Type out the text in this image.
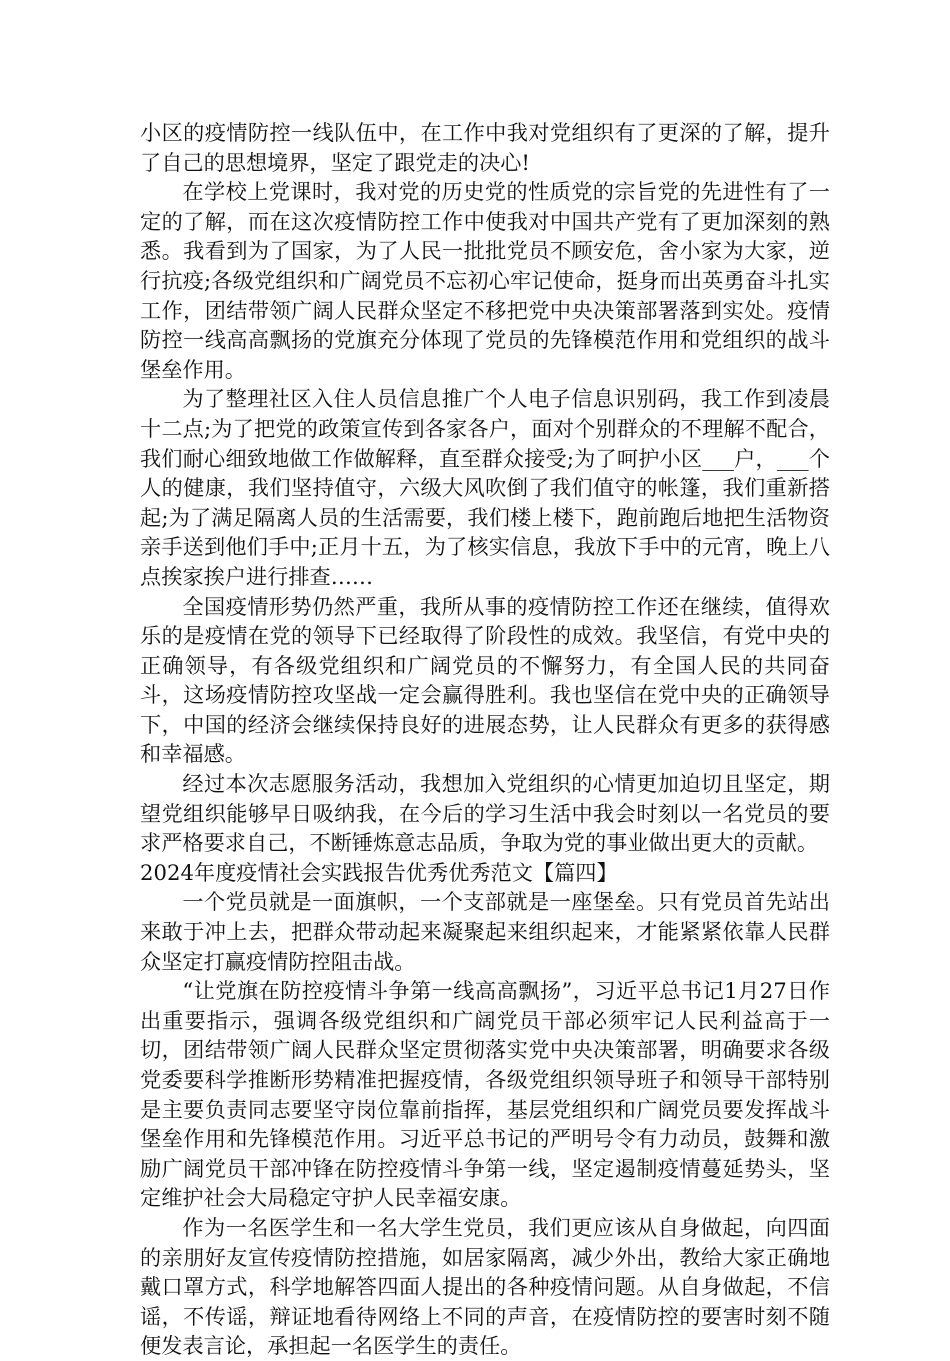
小区的疫情防控一线队伍中，在工作中我对党组织有了更深的了解，提升了自己的思想境界，坚定了跟党走的决心!

在学校上党课时，我对党的历史党的性质党的宗旨党的先进性有了一定的了解，而在这次疫情防控工作中使我对中国共产党有了更加深刻的熟悉。我看到为了国家，为了人民一批批党员不顾安危，舍小家为大家，逆行抗疫;各级党组织和广阔党员不忘初心牢记使命，挺身而出英勇奋斗扎实工作，团结带领广阔人民群众坚定不移把党中央决策部署落到实处。疫情防控一线高高飘扬的党旗充分体现了党员的先锋模范作用和党组织的战斗堡垒作用。

为了整理社区入住人员信息推广个人电子信息识别码，我工作到凌晨十二点;为了把党的政策宣传到各家各户，面对个别群众的不理解不配合，我们耐心细致地做工作做解释，直至群众接受;为了呵护小区___户，___个人的健康，我们坚持值守，六级大风吹倒了我们值守的帐篷，我们重新搭起;为了满足隔离人员的生活需要，我们楼上楼下，跑前跑后地把生活物资亲手送到他们手中;正月十五，为了核实信息，我放下手中的元宵，晚上八点挨家挨户进行排查……

全国疫情形势仍然严重，我所从事的疫情防控工作还在继续，值得欢乐的是疫情在党的领导下已经取得了阶段性的成效。我坚信，有党中央的正确领导，有各级党组织和广阔党员的不懈努力，有全国人民的共同奋斗，这场疫情防控攻坚战一定会赢得胜利。我也坚信在党中央的正确领导下，中国的经济会继续保持良好的进展态势，让人民群众有更多的获得感和幸福感。

经过本次志愿服务活动，我想加入党组织的心情更加迫切且坚定，期望党组织能够早日吸纳我，在今后的学习生活中我会时刻以一名党员的要求严格要求自己，不断锤炼意志品质，争取为党的事业做出更大的贡献。

2024年度疫情社会实践报告优秀优秀范文【篇四】

一个党员就是一面旗帜，一个支部就是一座堡垒。只有党员首先站出来敢于冲上去，把群众带动起来凝聚起来组织起来，才能紧紧依靠人民群众坚定打赢疫情防控阻击战。

“让党旗在防控疫情斗争第一线高高飘扬”，习近平总书记1月27日作出重要指示，强调各级党组织和广阔党员干部必须牢记人民利益高于一切，团结带领广阔人民群众坚定贯彻落实党中央决策部署，明确要求各级党委要科学推断形势精准把握疫情，各级党组织领导班子和领导干部特别是主要负责同志要坚守岗位靠前指挥，基层党组织和广阔党员要发挥战斗堡垒作用和先锋模范作用。习近平总书记的严明号令有力动员，鼓舞和激励广阔党员干部冲锋在防控疫情斗争第一线，坚定遏制疫情蔓延势头，坚定维护社会大局稳定守护人民幸福安康。

作为一名医学生和一名大学生党员，我们更应该从自身做起，向四面的亲朋好友宣传疫情防控措施，如居家隔离，减少外出，教给大家正确地戴口罩方式，科学地解答四面人提出的各种疫情问题。从自身做起，不信谣，不传谣，辩证地看待网络上不同的声音，在疫情防控的要害时刻不随便发表言论，承担起一名医学生的责任。
